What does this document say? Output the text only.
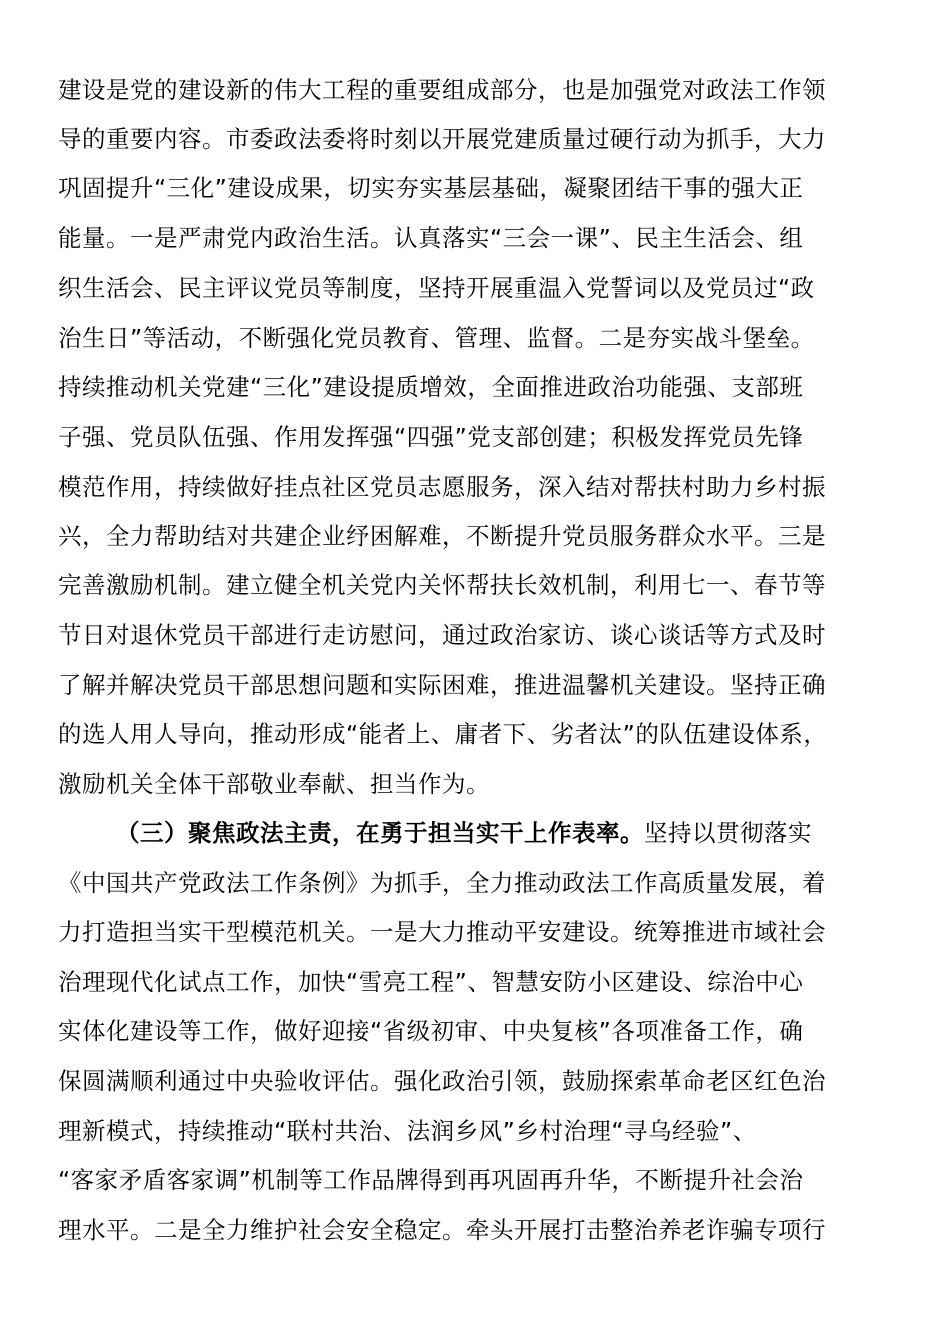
建设是党的建设新的伟大工程的重要组成部分，也是加强党对政法工作领
导的重要内容。市委政法委将时刻以开展党建质量过硬行动为抓手，大力
巩固提升“三化”建设成果，切实夯实基层基础，凝聚团结干事的强大正
能量。一是严肃党内政治生活。认真落实“三会一课”、民主生活会、组
织生活会、民主评议党员等制度，坚持开展重温入党誓词以及党员过“政
治生日”等活动，不断强化党员教育、管理、监督。二是夯实战斗堡垒。
持续推动机关党建“三化”建设提质增效，全面推进政治功能强、支部班
子强、党员队伍强、作用发挥强“四强”党支部创建；积极发挥党员先锋
模范作用，持续做好挂点社区党员志愿服务，深入结对帮扶村助力乡村振
兴，全力帮助结对共建企业纾困解难，不断提升党员服务群众水平。三是
完善激励机制。建立健全机关党内关怀帮扶长效机制，利用七一、春节等
节日对退休党员干部进行走访慰问，通过政治家访、谈心谈话等方式及时
了解并解决党员干部思想问题和实际困难，推进温馨机关建设。坚持正确
的选人用人导向，推动形成“能者上、庸者下、劣者汰”的队伍建设体系，
激励机关全体干部敬业奉献、担当作为。
（三）聚焦政法主责，在勇于担当实干上作表率。坚持以贯彻落实
《中国共产党政法工作条例》为抓手，全力推动政法工作高质量发展，着
力打造担当实干型模范机关。一是大力推动平安建设。统筹推进市域社会
治理现代化试点工作，加快“雪亮工程”、智慧安防小区建设、综治中心
实体化建设等工作，做好迎接“省级初审、中央复核”各项准备工作，确
保圆满顺利通过中央验收评估。强化政治引领，鼓励探索革命老区红色治
理新模式，持续推动“联村共治、法润乡风”乡村治理“寻乌经验”、
“客家矛盾客家调”机制等工作品牌得到再巩固再升华，不断提升社会治
理水平。二是全力维护社会安全稳定。牵头开展打击整治养老诈骗专项行
